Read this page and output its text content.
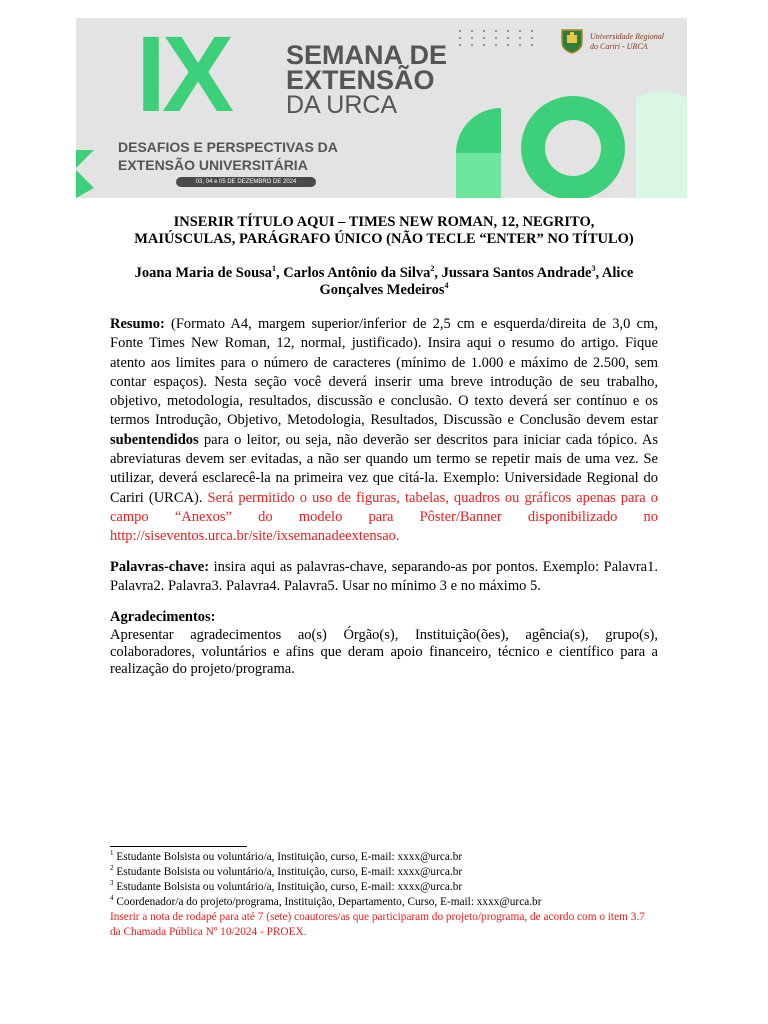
IX SEMANA DE
EXTENSÃO
DA URCA
DESAFIOS E PERSPECTIVAS DA
EXTENSÃO UNIVERSITÁRIA
03, 04 e 05 DE DEZEMBRO DE 2024
Universidade Regional
do Cariri - URCA
INSERIR TÍTULO AQUI – TIMES NEW ROMAN, 12, NEGRITO,
MAIÚSCULAS, PARÁGRAFO ÚNICO (NÃO TECLE “ENTER” NO TÍTULO)
Joana Maria de Sousa$^1$, Carlos Antônio da Silva$^2$, Jussara Santos Andrade$^3$, Alice
Gonçalves Medeiros$^4$
Resumo: (Formato A4, margem superior/inferior de 2,5 cm e esquerda/direita de 3,0 cm, Fonte Times New Roman, 12, normal, justificado). Insira aqui o resumo do artigo. Fique atento aos limites para o número de caracteres (mínimo de 1.000 e máximo de 2.500, sem contar espaços). Nesta seção você deverá inserir uma breve introdução de seu trabalho, objetivo, metodologia, resultados, discussão e conclusão. O texto deverá ser contínuo e os termos Introdução, Objetivo, Metodologia, Resultados, Discussão e Conclusão devem estar subentendidos para o leitor, ou seja, não deverão ser descritos para iniciar cada tópico. As abreviaturas devem ser evitadas, a não ser quando um termo se repetir mais de uma vez. Se utilizar, deverá esclarecê-la na primeira vez que citá-la. Exemplo: Universidade Regional do Cariri (URCA). Será permitido o uso de figuras, tabelas, quadros ou gráficos apenas para o campo “Anexos” do modelo para Pôster/Banner disponibilizado no http://siseventos.urca.br/site/ixsemanadeextensao.
Palavras-chave: insira aqui as palavras-chave, separando-as por pontos. Exemplo: Palavra1. Palavra2. Palavra3. Palavra4. Palavra5. Usar no mínimo 3 e no máximo 5.
Agradecimentos:
Apresentar agradecimentos ao(s) Órgão(s), Instituição(ões), agência(s), grupo(s), colaboradores, voluntários e afins que deram apoio financeiro, técnico e científico para a realização do projeto/programa.
$^1$ Estudante Bolsista ou voluntário/a, Instituição, curso, E-mail: xxxx@urca.br
$^2$ Estudante Bolsista ou voluntário/a, Instituição, curso, E-mail: xxxx@urca.br
$^3$ Estudante Bolsista ou voluntário/a, Instituição, curso, E-mail: xxxx@urca.br
$^4$ Coordenador/a do projeto/programa, Instituição, Departamento, Curso, E-mail: xxxx@urca.br
Inserir a nota de rodapé para até 7 (sete) coautores/as que participaram do projeto/programa, de acordo com o item 3.7 da Chamada Pública Nº 10/2024 - PROEX.
